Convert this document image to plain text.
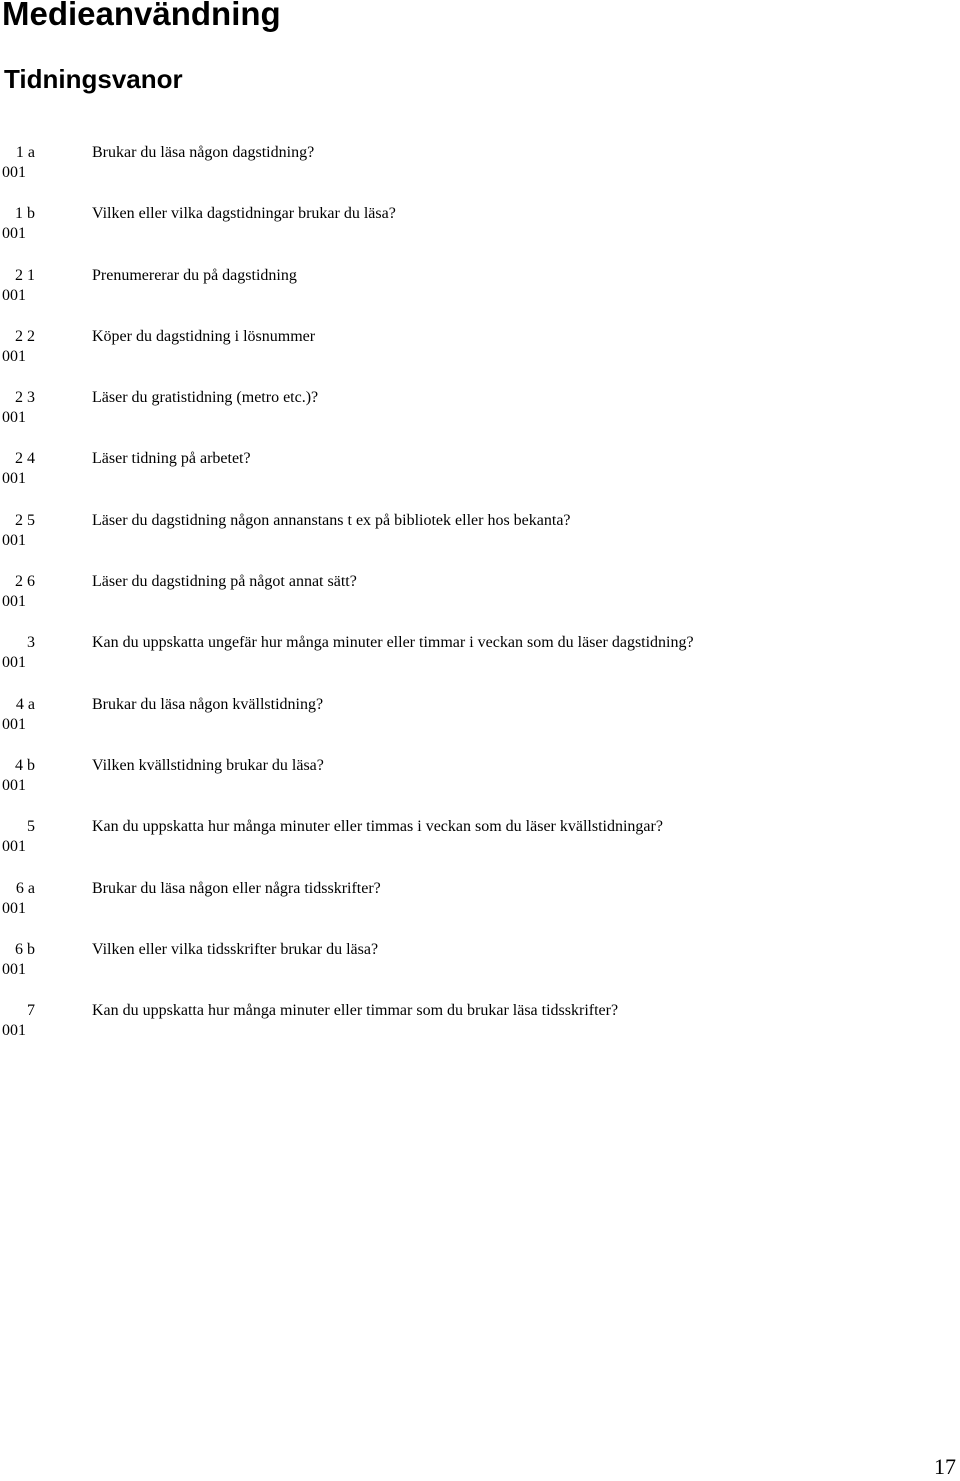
Medieanvändning
Tidningsvanor
1 a	Brukar du läsa någon dagstidning?
001
1 b	Vilken eller vilka dagstidningar brukar du läsa?
001
2 1	Prenumererar du på dagstidning
001
2 2	Köper du dagstidning i lösnummer
001
2 3	Läser du gratistidning (metro etc.)?
001
2 4	Läser tidning på arbetet?
001
2 5	Läser du dagstidning någon annanstans t ex på bibliotek eller hos bekanta?
001
2 6	Läser du dagstidning på något annat sätt?
001
3	Kan du uppskatta ungefär hur många minuter eller timmar i veckan som du läser dagstidning?
001
4 a	Brukar du läsa någon kvällstidning?
001
4 b	Vilken kvällstidning brukar du läsa?
001
5	Kan du uppskatta hur många minuter eller timmas i veckan som du läser kvällstidningar?
001
6 a	Brukar du läsa någon eller några tidsskrifter?
001
6 b	Vilken eller vilka tidsskrifter brukar du läsa?
001
7	Kan du uppskatta hur många minuter eller timmar som du brukar läsa tidsskrifter?
001
17
